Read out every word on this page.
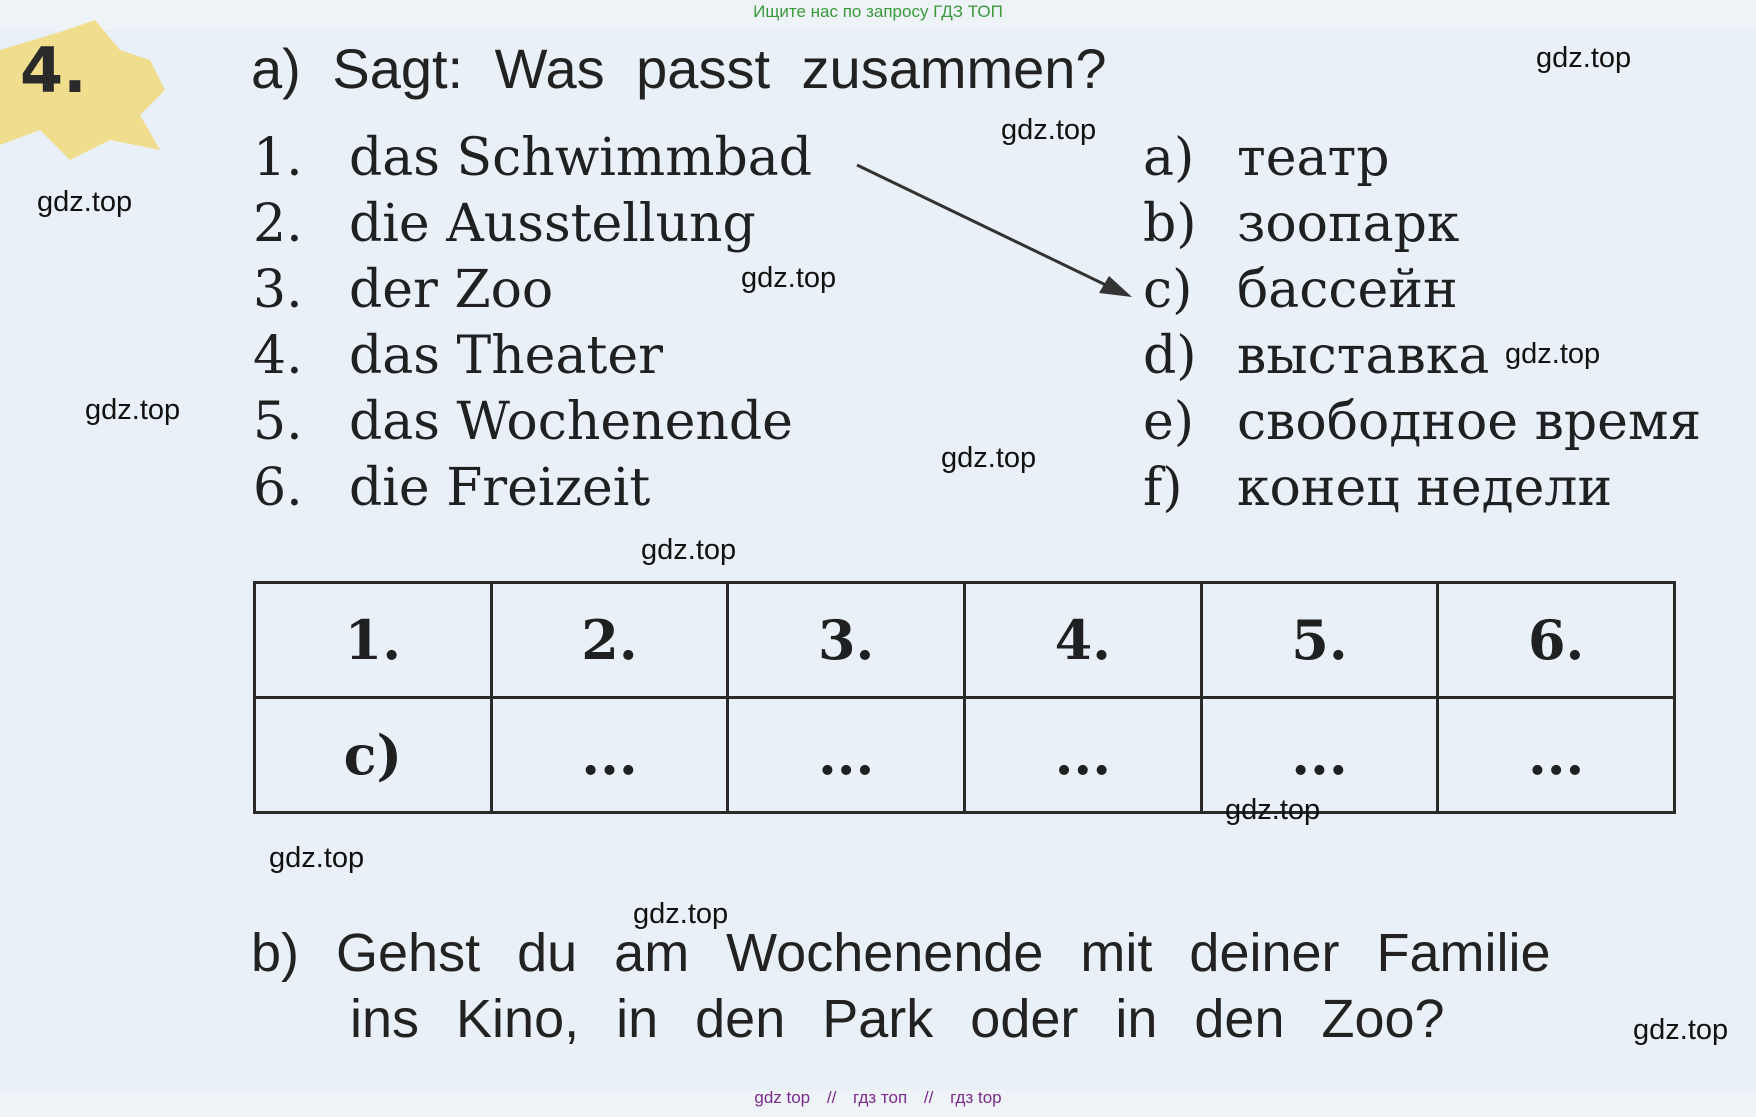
Ищите нас по запросу ГДЗ ТОП
4.	a) Sagt: Was passt zusammen?
1. das Schwimmbad
2. die Ausstellung
3. der Zoo
4. das Theater
5. das Wochenende
6. die Freizeit
a) театр
b) зоопарк
c) бассейн
d) выставка
e) свободное время
f) конец недели
1.	2.	3.	4.	5.	6.
c)	...	...	...	...	...
b) Gehst du am Wochenende mit deiner Familie
ins Kino, in den Park oder in den Zoo?
gdz.top
gdz.top
gdz.top
gdz.top
gdz.top
gdz.top
gdz.top
gdz.top
gdz.top
gdz.top
gdz.top
gdz.top
gdz top // гдз топ // гдз top
